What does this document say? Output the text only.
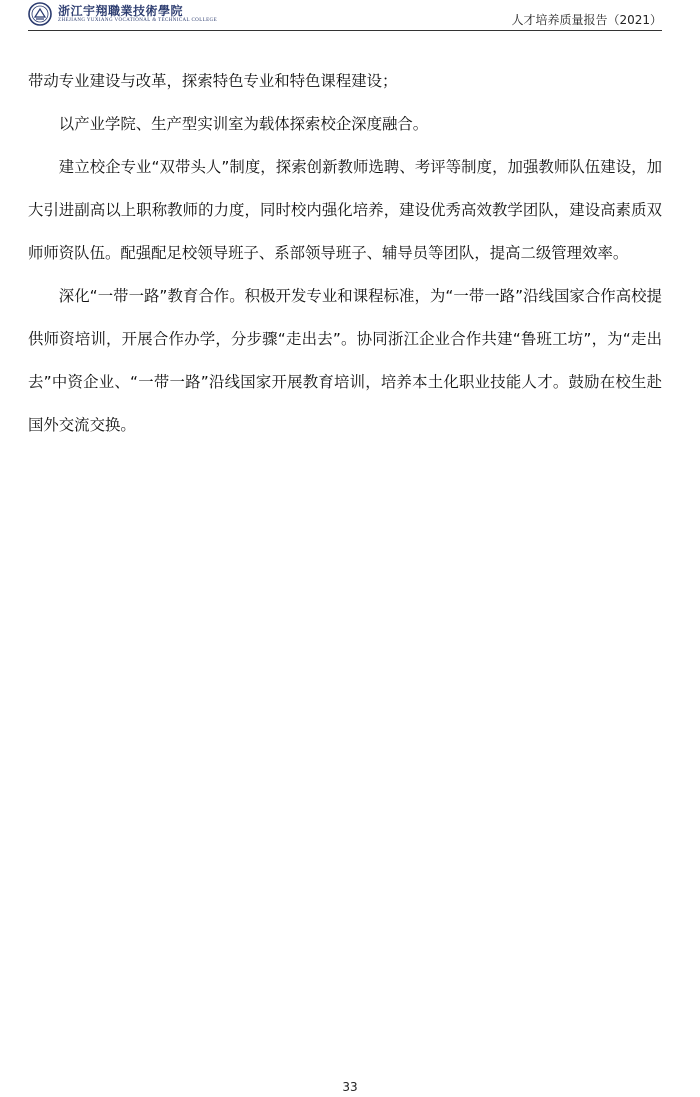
浙江宇翔職業技術學院
ZHEJIANG YUXIANG VOCATIONAL & TECHNICAL COLLEGE	人才培养质量报告（2021）

带动专业建设与改革，探索特色专业和特色课程建设；

以产业学院、生产型实训室为载体探索校企深度融合。

建立校企专业“双带头人”制度，探索创新教师选聘、考评等制度，加强教师队伍建设，加大引进副高以上职称教师的力度，同时校内强化培养，建设优秀高效教学团队，建设高素质双师师资队伍。配强配足校领导班子、系部领导班子、辅导员等团队，提高二级管理效率。

深化“一带一路”教育合作。积极开发专业和课程标准，为“一带一路”沿线国家合作高校提供师资培训，开展合作办学，分步骤“走出去”。协同浙江企业合作共建“鲁班工坊”，为“走出去”中资企业、“一带一路”沿线国家开展教育培训，培养本土化职业技能人才。鼓励在校生赴国外交流交换。

33
